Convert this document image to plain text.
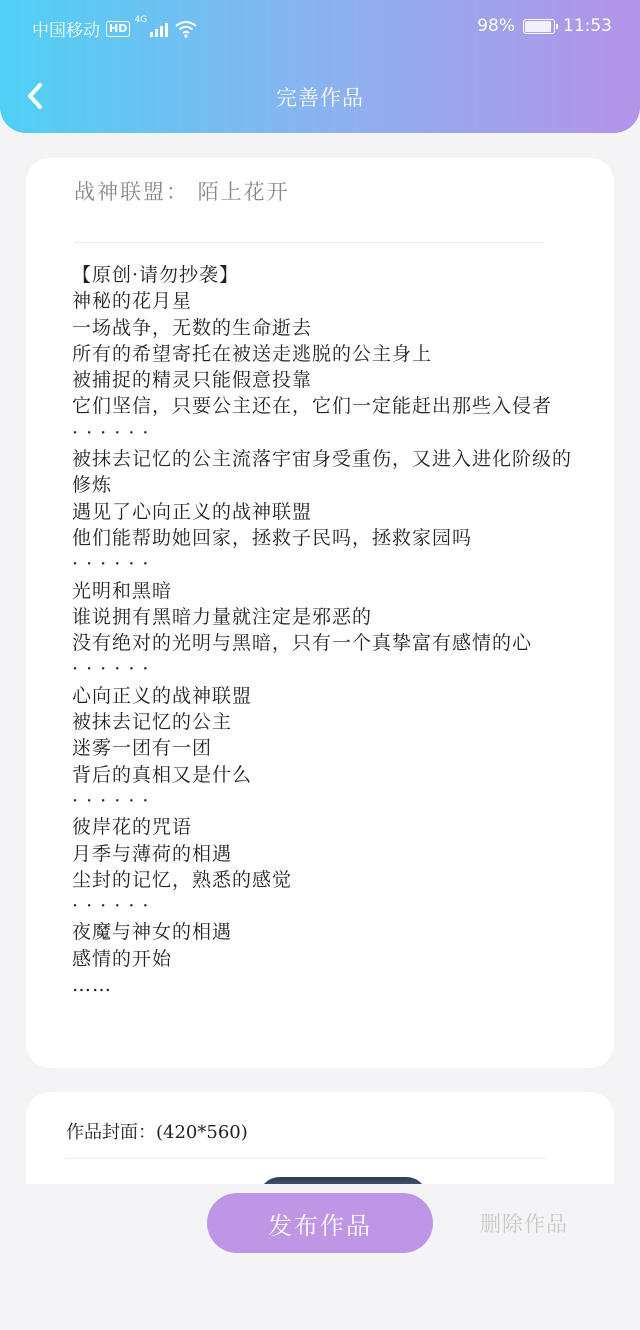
中国移动 HD
4G	98%	11:53
完善作品
战神联盟： 陌上花开
【原创·请勿抄袭】
神秘的花月星
一场战争，无数的生命逝去
所有的希望寄托在被送走逃脱的公主身上
被捕捉的精灵只能假意投靠
它们坚信，只要公主还在，它们一定能赶出那些入侵者
· · · · · ·
被抹去记忆的公主流落宇宙身受重伤，又进入进化阶级的修炼
遇见了心向正义的战神联盟
他们能帮助她回家，拯救子民吗，拯救家园吗
· · · · · ·
光明和黑暗
谁说拥有黑暗力量就注定是邪恶的
没有绝对的光明与黑暗，只有一个真挚富有感情的心
· · · · · ·
心向正义的战神联盟
被抹去记忆的公主
迷雾一团有一团
背后的真相又是什么
· · · · · ·
彼岸花的咒语
月季与薄荷的相遇
尘封的记忆，熟悉的感觉
· · · · · ·
夜魔与神女的相遇
感情的开始
……
作品封面：(420*560)
发布作品	删除作品
